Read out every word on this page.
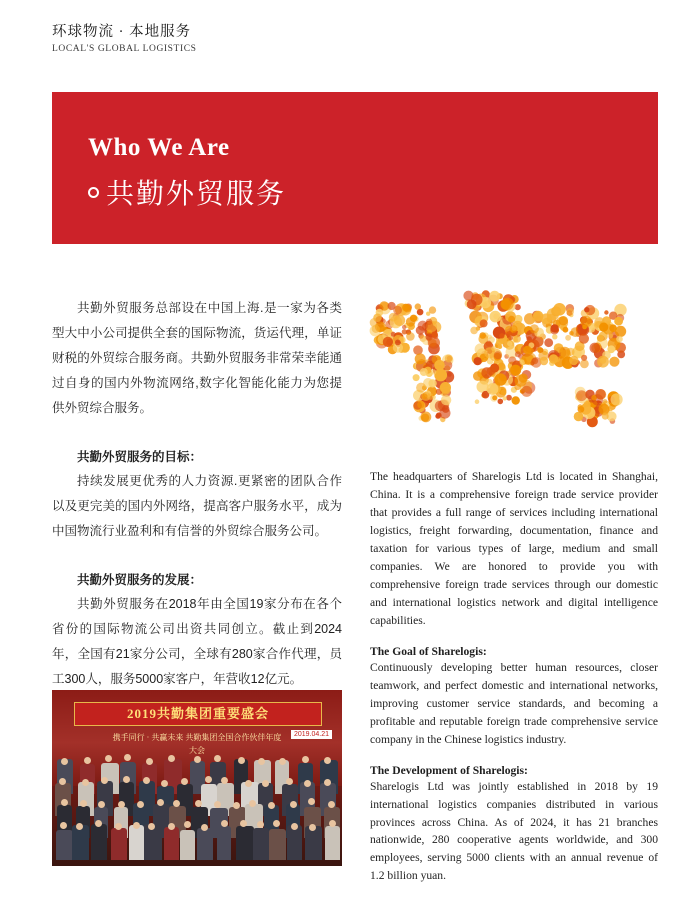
环球物流 · 本地服务
LOCAL'S GLOBAL LOGISTICS
Who We Are
共勤外贸服务

共勤外贸服务总部设在中国上海.是一家为各类型大中小公司提供全套的国际物流，货运代理，单证财税的外贸综合服务商。共勤外贸服务非常荣幸能通过自身的国内外物流网络,数字化智能化能力为您提供外贸综合服务。

共勤外贸服务的目标：

持续发展更优秀的人力资源.更紧密的团队合作以及更完美的国内外网络，提高客户服务水平，成为中国物流行业盈利和有信誉的外贸综合服务公司。

共勤外贸服务的发展：

共勤外贸服务在2018年由全国19家分布在各个省份的国际物流公司出资共同创立。截止到2024年，全国有21家分公司，全球有280家合作代理，员工300人，服务5000家客户，年营收12亿元。

2019共勤集团重要盛会
携手同行 · 共赢未来 共勤集团全国合作伙伴年度大会
2019.04.21

The headquarters of Sharelogis Ltd is located in Shanghai, China. It is a comprehensive foreign trade service provider that provides a full range of services including international logistics, freight forwarding, documentation, finance and taxation for various types of large, medium and small companies. We are honored to provide you with comprehensive foreign trade services through our domestic and international logistics network and digital intelligence capabilities.

The Goal of Sharelogis:

Continuously developing better human resources, closer teamwork, and perfect domestic and international networks, improving customer service standards, and becoming a profitable and reputable foreign trade comprehensive service company in the Chinese logistics industry.

The Development of Sharelogis:

Sharelogis Ltd was jointly established in 2018 by 19 international logistics companies distributed in various provinces across China. As of 2024, it has 21 branches nationwide, 280 cooperative agents worldwide, and 300 employees, serving 5000 clients with an annual revenue of 1.2 billion yuan.
